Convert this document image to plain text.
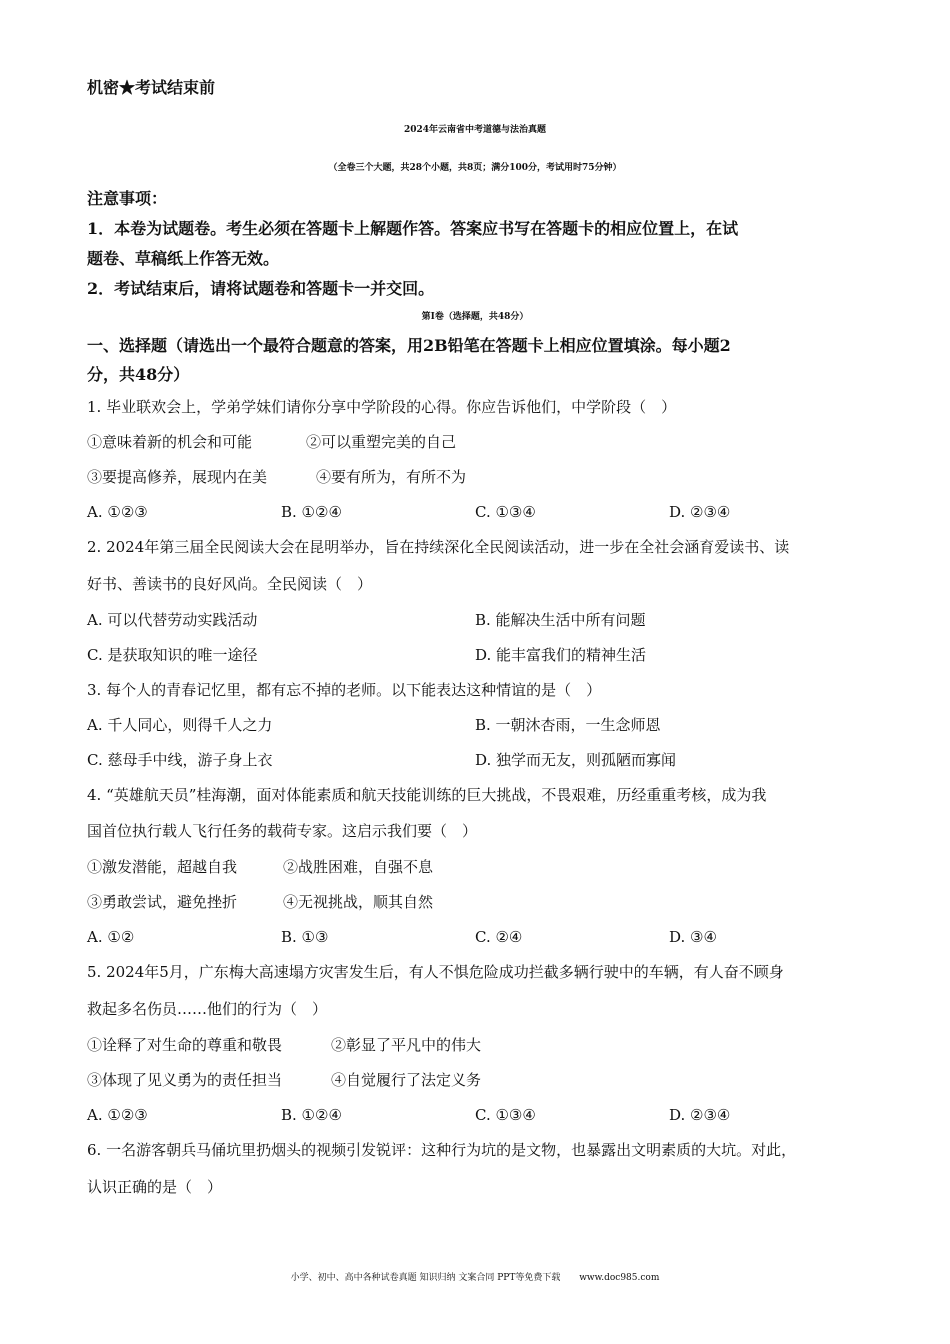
机密★考试结束前
2024年云南省中考道德与法治真题
（全卷三个大题，共28个小题，共8页；满分100分，考试用时75分钟）
注意事项：
1．本卷为试题卷。考生必须在答题卡上解题作答。答案应书写在答题卡的相应位置上，在试
题卷、草稿纸上作答无效。
2．考试结束后，请将试题卷和答题卡一并交回。
第Ⅰ卷（选择题，共48分）
一、选择题（请选出一个最符合题意的答案，用2B铅笔在答题卡上相应位置填涂。每小题2
分，共48分）
1. 毕业联欢会上，学弟学妹们请你分享中学阶段的心得。你应告诉他们，中学阶段（　）
①意味着新的机会和可能	②可以重塑完美的自己
③要提高修养，展现内在美	④要有所为，有所不为
A. ①②③	B. ①②④	C. ①③④	D. ②③④
2. 2024年第三届全民阅读大会在昆明举办，旨在持续深化全民阅读活动，进一步在全社会涵育爱读书、读
好书、善读书的良好风尚。全民阅读（　）
A. 可以代替劳动实践活动	B. 能解决生活中所有问题
C. 是获取知识的唯一途径	D. 能丰富我们的精神生活
3. 每个人的青春记忆里，都有忘不掉的老师。以下能表达这种情谊的是（　）
A. 千人同心，则得千人之力	B. 一朝沐杏雨，一生念师恩
C. 慈母手中线，游子身上衣	D. 独学而无友，则孤陋而寡闻
4. “英雄航天员”桂海潮，面对体能素质和航天技能训练的巨大挑战，不畏艰难，历经重重考核，成为我
国首位执行载人飞行任务的载荷专家。这启示我们要（　）
①激发潜能，超越自我	②战胜困难，自强不息
③勇敢尝试，避免挫折	④无视挑战，顺其自然
A. ①②	B. ①③	C. ②④	D. ③④
5. 2024年5月，广东梅大高速塌方灾害发生后，有人不惧危险成功拦截多辆行驶中的车辆，有人奋不顾身
救起多名伤员……他们的行为（　）
①诠释了对生命的尊重和敬畏	②彰显了平凡中的伟大
③体现了见义勇为的责任担当	④自觉履行了法定义务
A. ①②③	B. ①②④	C. ①③④	D. ②③④
6. 一名游客朝兵马俑坑里扔烟头的视频引发锐评：这种行为坑的是文物，也暴露出文明素质的大坑。对此，
认识正确的是（　）
小学、初中、高中各种试卷真题 知识归纳 文案合同 PPT等免费下载 www.doc985.com
